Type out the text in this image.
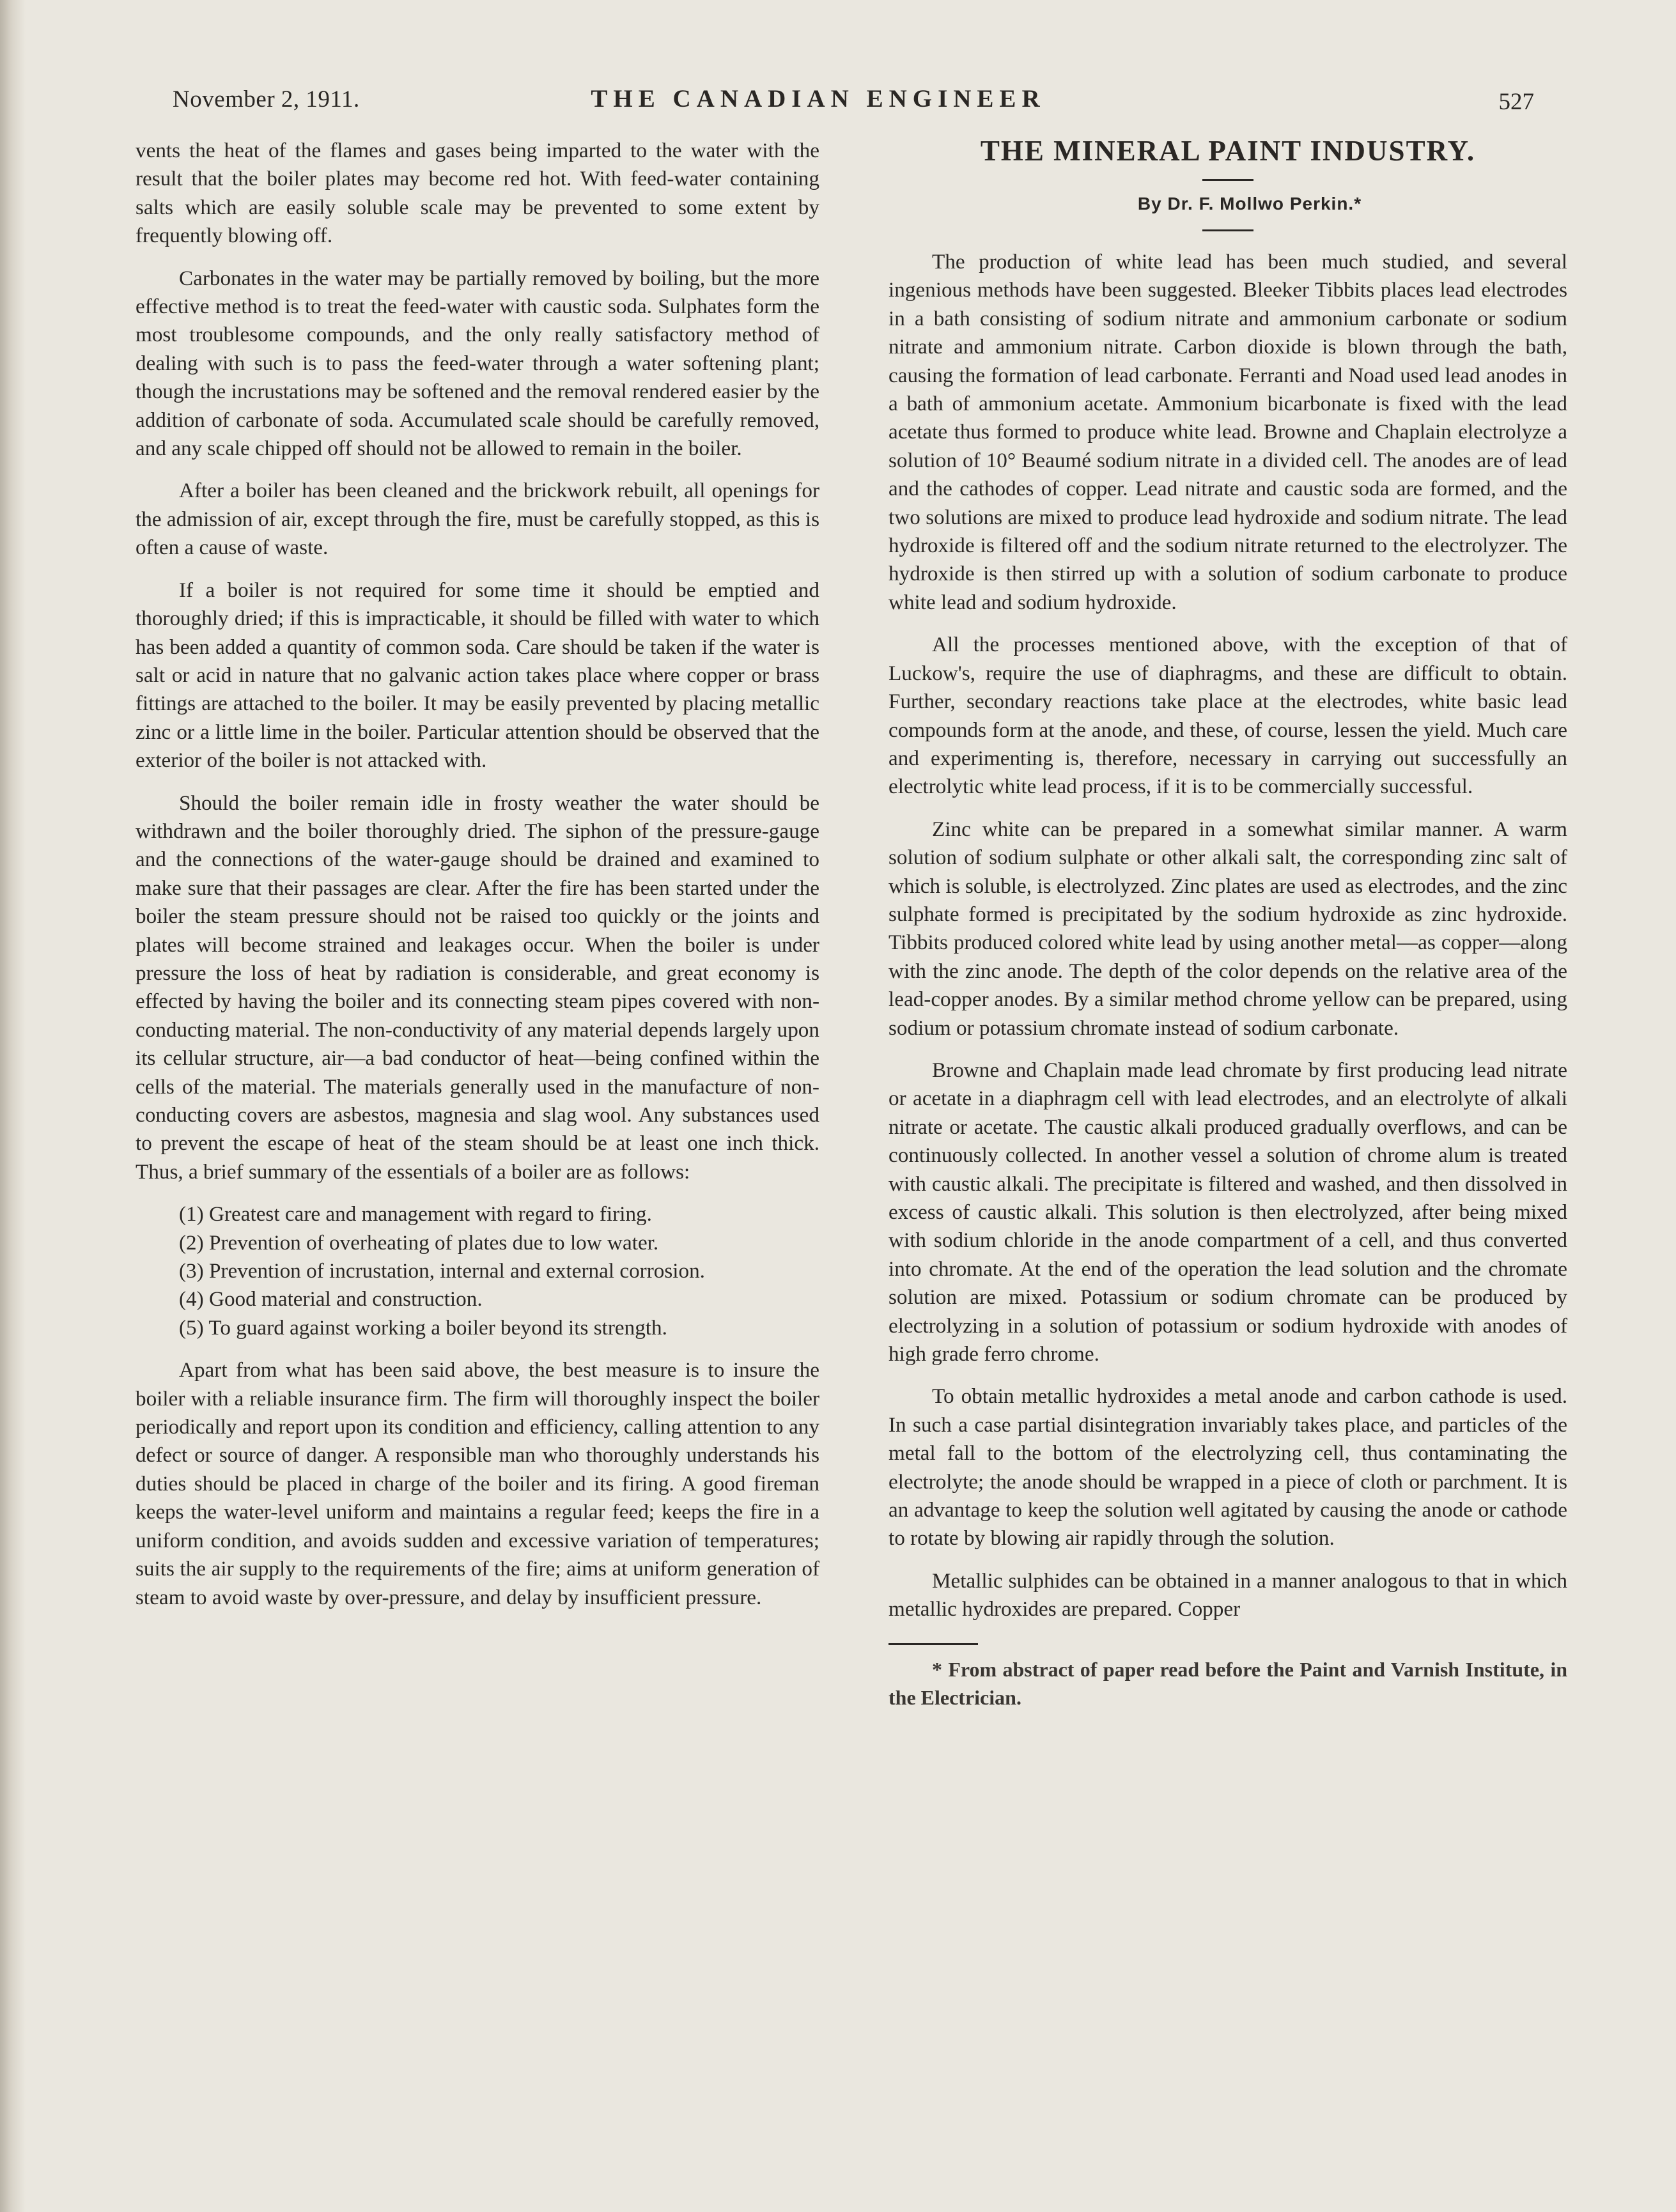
November 2, 1911.	THE CANADIAN ENGINEER	527

vents the heat of the flames and gases being imparted to the water with the result that the boiler plates may become red hot. With feed-water containing salts which are easily soluble scale may be prevented to some extent by frequently blowing off.

Carbonates in the water may be partially removed by boiling, but the more effective method is to treat the feed-water with caustic soda. Sulphates form the most troublesome compounds, and the only really satisfactory method of dealing with such is to pass the feed-water through a water softening plant; though the incrustations may be softened and the removal rendered easier by the addition of carbonate of soda. Accumulated scale should be carefully removed, and any scale chipped off should not be allowed to remain in the boiler.

After a boiler has been cleaned and the brickwork rebuilt, all openings for the admission of air, except through the fire, must be carefully stopped, as this is often a cause of waste.

If a boiler is not required for some time it should be emptied and thoroughly dried; if this is impracticable, it should be filled with water to which has been added a quantity of common soda. Care should be taken if the water is salt or acid in nature that no galvanic action takes place where copper or brass fittings are attached to the boiler. It may be easily prevented by placing metallic zinc or a little lime in the boiler. Particular attention should be observed that the exterior of the boiler is not attacked with.

Should the boiler remain idle in frosty weather the water should be withdrawn and the boiler thoroughly dried. The siphon of the pressure-gauge and the connections of the water-gauge should be drained and examined to make sure that their passages are clear. After the fire has been started under the boiler the steam pressure should not be raised too quickly or the joints and plates will become strained and leakages occur. When the boiler is under pressure the loss of heat by radiation is considerable, and great economy is effected by having the boiler and its connecting steam pipes covered with non-conducting material. The non-conductivity of any material depends largely upon its cellular structure, air—a bad conductor of heat—being confined within the cells of the material. The materials generally used in the manufacture of non-conducting covers are asbestos, magnesia and slag wool. Any substances used to prevent the escape of heat of the steam should be at least one inch thick. Thus, a brief summary of the essentials of a boiler are as follows:

(1) Greatest care and management with regard to firing.
(2) Prevention of overheating of plates due to low water.
(3) Prevention of incrustation, internal and external corrosion.
(4) Good material and construction.
(5) To guard against working a boiler beyond its strength.

Apart from what has been said above, the best measure is to insure the boiler with a reliable insurance firm. The firm will thoroughly inspect the boiler periodically and report upon its condition and efficiency, calling attention to any defect or source of danger. A responsible man who thoroughly understands his duties should be placed in charge of the boiler and its firing. A good fireman keeps the water-level uniform and maintains a regular feed; keeps the fire in a uniform condition, and avoids sudden and excessive variation of temperatures; suits the air supply to the requirements of the fire; aims at uniform generation of steam to avoid waste by over-pressure, and delay by insufficient pressure.

THE MINERAL PAINT INDUSTRY.

By Dr. F. Mollwo Perkin.*

The production of white lead has been much studied, and several ingenious methods have been suggested. Bleeker Tibbits places lead electrodes in a bath consisting of sodium nitrate and ammonium carbonate or sodium nitrate and ammonium nitrate. Carbon dioxide is blown through the bath, causing the formation of lead carbonate. Ferranti and Noad used lead anodes in a bath of ammonium acetate. Ammonium bicarbonate is fixed with the lead acetate thus formed to produce white lead. Browne and Chaplain electrolyze a solution of 10° Beaumé sodium nitrate in a divided cell. The anodes are of lead and the cathodes of copper. Lead nitrate and caustic soda are formed, and the two solutions are mixed to produce lead hydroxide and sodium nitrate. The lead hydroxide is filtered off and the sodium nitrate returned to the electrolyzer. The hydroxide is then stirred up with a solution of sodium carbonate to produce white lead and sodium hydroxide.

All the processes mentioned above, with the exception of that of Luckow's, require the use of diaphragms, and these are difficult to obtain. Further, secondary reactions take place at the electrodes, white basic lead compounds form at the anode, and these, of course, lessen the yield. Much care and experimenting is, therefore, necessary in carrying out successfully an electrolytic white lead process, if it is to be commercially successful.

Zinc white can be prepared in a somewhat similar manner. A warm solution of sodium sulphate or other alkali salt, the corresponding zinc salt of which is soluble, is electrolyzed. Zinc plates are used as electrodes, and the zinc sulphate formed is precipitated by the sodium hydroxide as zinc hydroxide. Tibbits produced colored white lead by using another metal—as copper—along with the zinc anode. The depth of the color depends on the relative area of the lead-copper anodes. By a similar method chrome yellow can be prepared, using sodium or potassium chromate instead of sodium carbonate.

Browne and Chaplain made lead chromate by first producing lead nitrate or acetate in a diaphragm cell with lead electrodes, and an electrolyte of alkali nitrate or acetate. The caustic alkali produced gradually overflows, and can be continuously collected. In another vessel a solution of chrome alum is treated with caustic alkali. The precipitate is filtered and washed, and then dissolved in excess of caustic alkali. This solution is then electrolyzed, after being mixed with sodium chloride in the anode compartment of a cell, and thus converted into chromate. At the end of the operation the lead solution and the chromate solution are mixed. Potassium or sodium chromate can be produced by electrolyzing in a solution of potassium or sodium hydroxide with anodes of high grade ferro chrome.

To obtain metallic hydroxides a metal anode and carbon cathode is used. In such a case partial disintegration invariably takes place, and particles of the metal fall to the bottom of the electrolyzing cell, thus contaminating the electrolyte; the anode should be wrapped in a piece of cloth or parchment. It is an advantage to keep the solution well agitated by causing the anode or cathode to rotate by blowing air rapidly through the solution.

Metallic sulphides can be obtained in a manner analogous to that in which metallic hydroxides are prepared. Copper

* From abstract of paper read before the Paint and Varnish Institute, in the Electrician.
